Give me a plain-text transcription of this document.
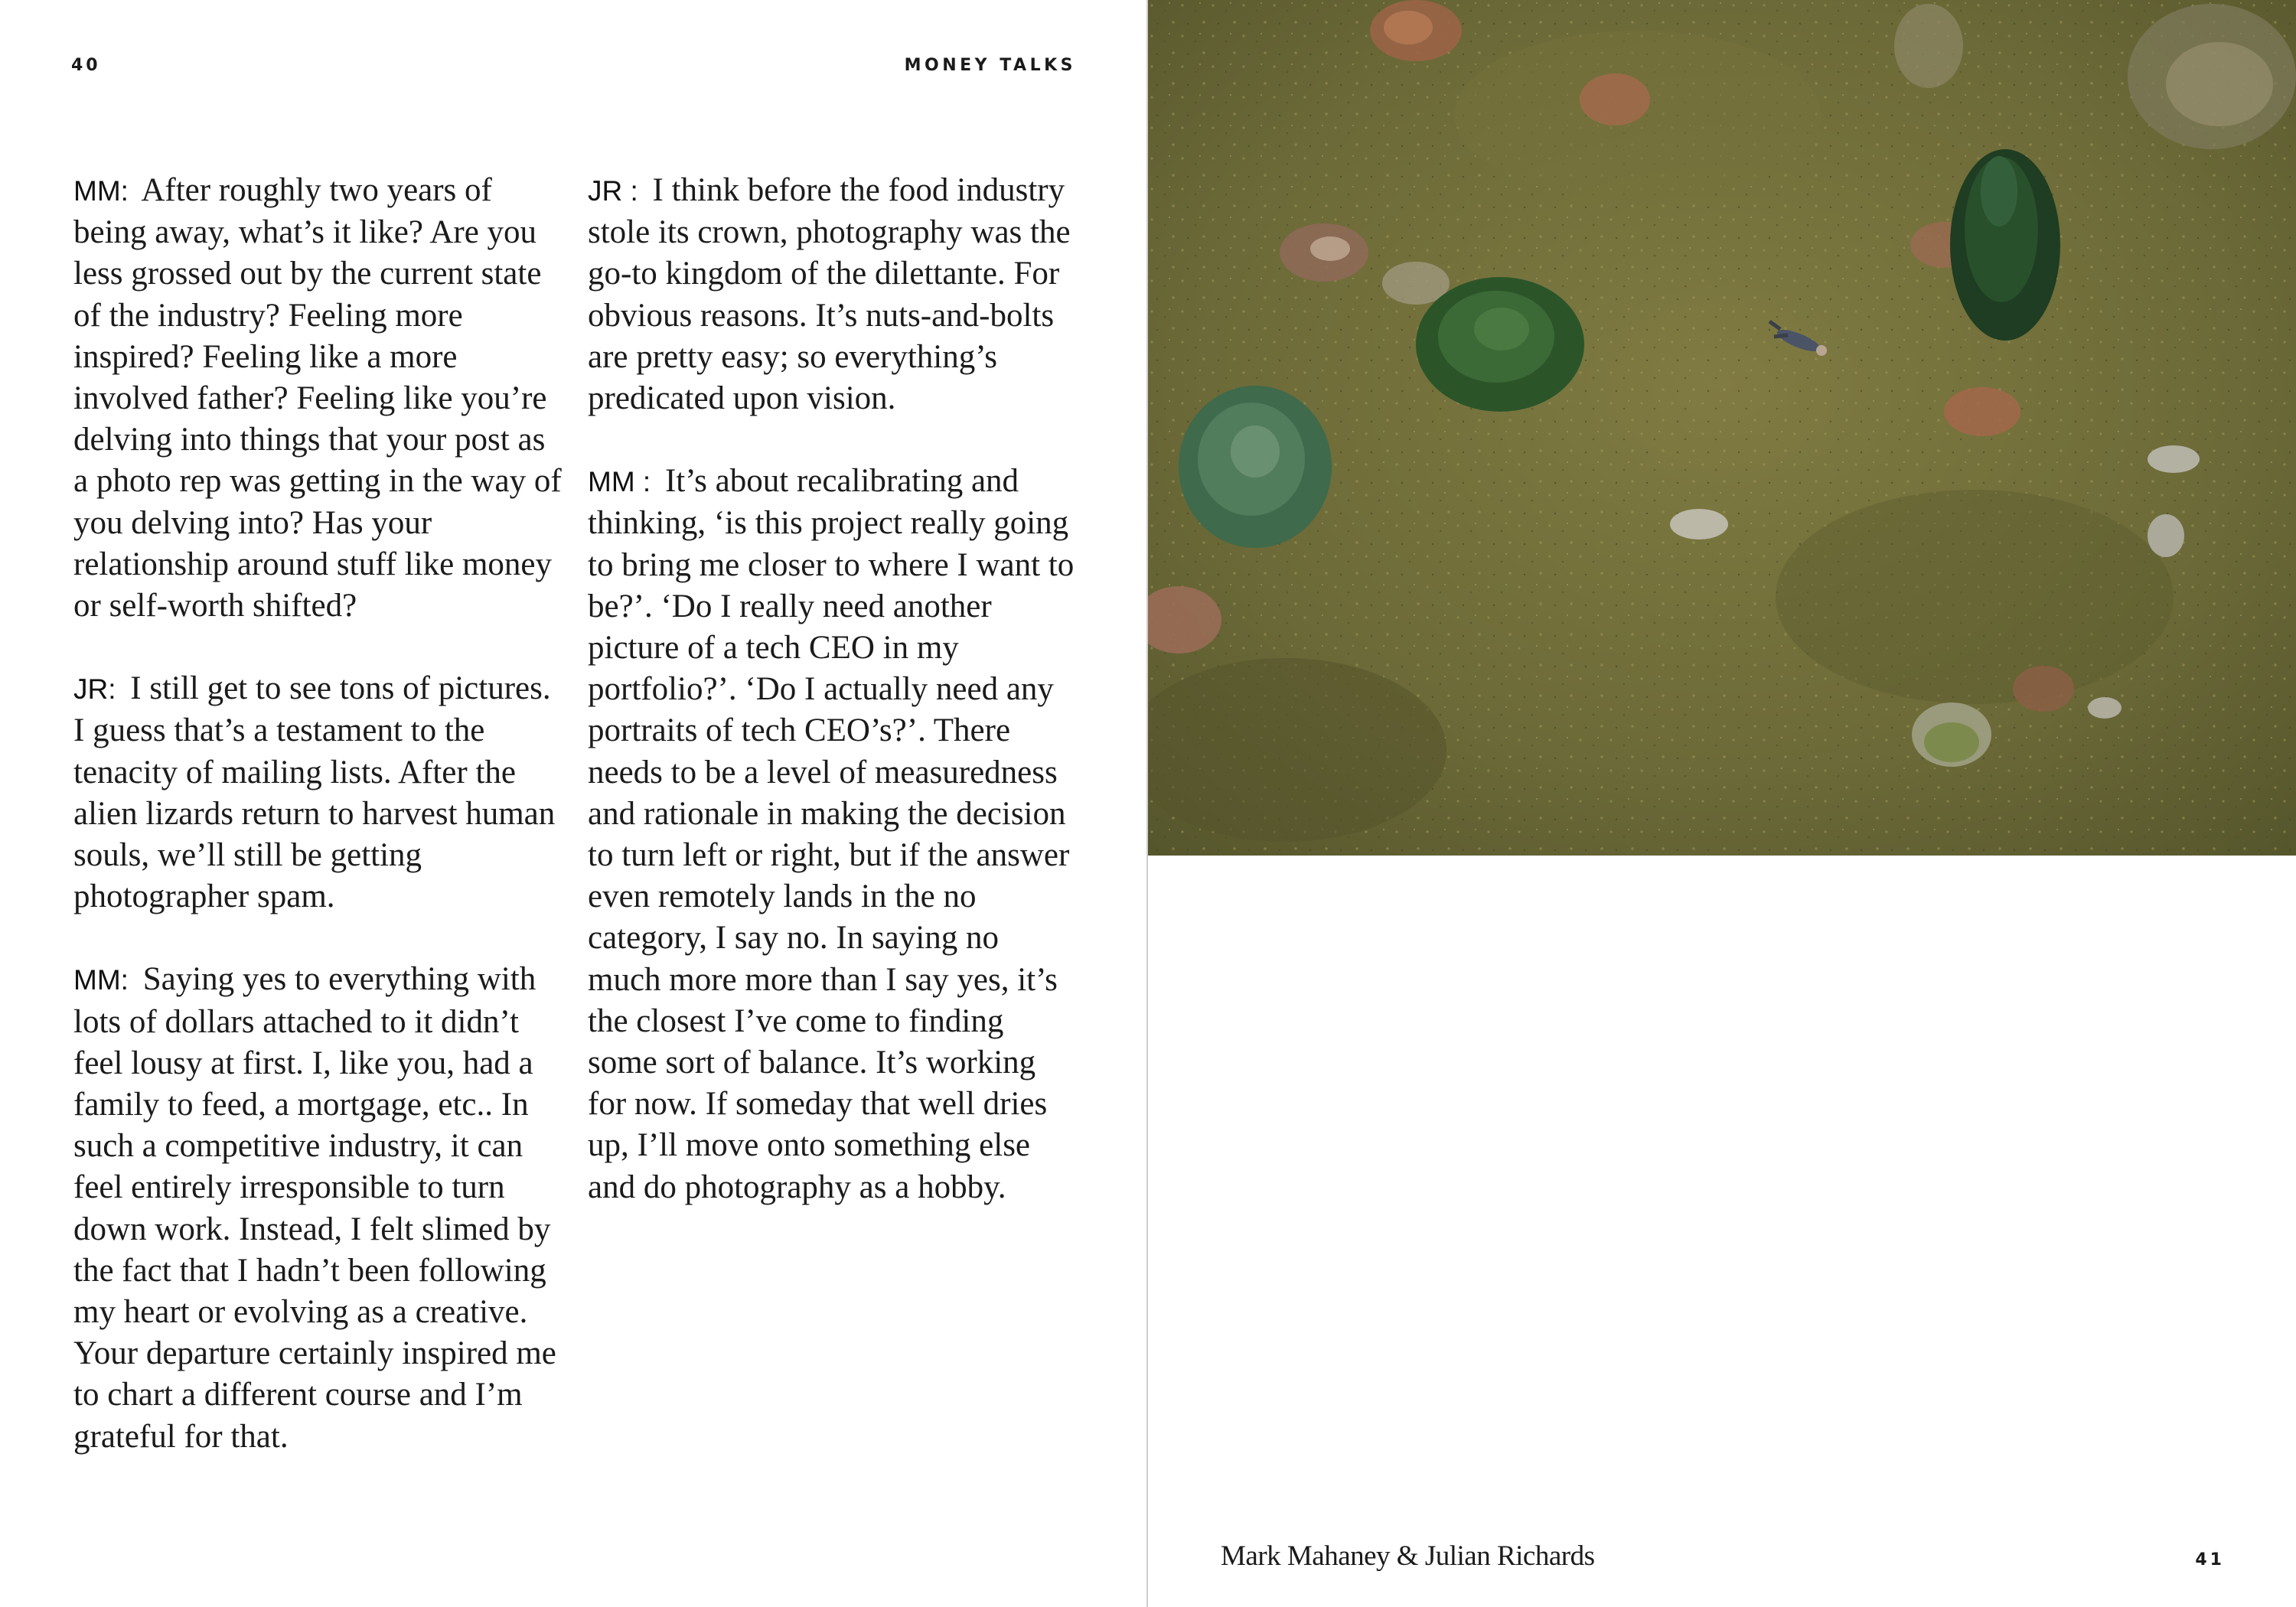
40	MONEY TALKS

MM: After roughly two years of being away, what’s it like? Are you less grossed out by the current state of the industry? Feeling more inspired? Feeling like a more involved father? Feeling like you’re delving into things that your post as a photo rep was getting in the way of you delving into? Has your relationship around stuff like money or self-worth shifted?

JR: I still get to see tons of pictures. I guess that’s a testament to the tenacity of mailing lists. After the alien lizards return to harvest human souls, we’ll still be getting photographer spam.

MM: Saying yes to everything with lots of dollars attached to it didn’t feel lousy at first. I, like you, had a family to feed, a mortgage, etc.. In such a competitive industry, it can feel entirely irresponsible to turn down work. Instead, I felt slimed by the fact that I hadn’t been following my heart or evolving as a creative. Your departure certainly inspired me to chart a different course and I’m grateful for that.

JR : I think before the food industry stole its crown, photography was the go-to kingdom of the dilettante. For obvious reasons. It’s nuts-and-bolts are pretty easy; so everything’s predicated upon vision.

MM : It’s about recalibrating and thinking, ‘is this project really going to bring me closer to where I want to be?’. ‘Do I really need another picture of a tech CEO in my portfolio?’. ‘Do I actually need any portraits of tech CEO’s?’. There needs to be a level of measuredness and rationale in making the decision to turn left or right, but if the answer even remotely lands in the no category, I say no. In saying no much more more than I say yes, it’s the closest I’ve come to finding some sort of balance. It’s working for now. If someday that well dries up, I’ll move onto something else and do photography as a hobby.

Mark Mahaney & Julian Richards	41
